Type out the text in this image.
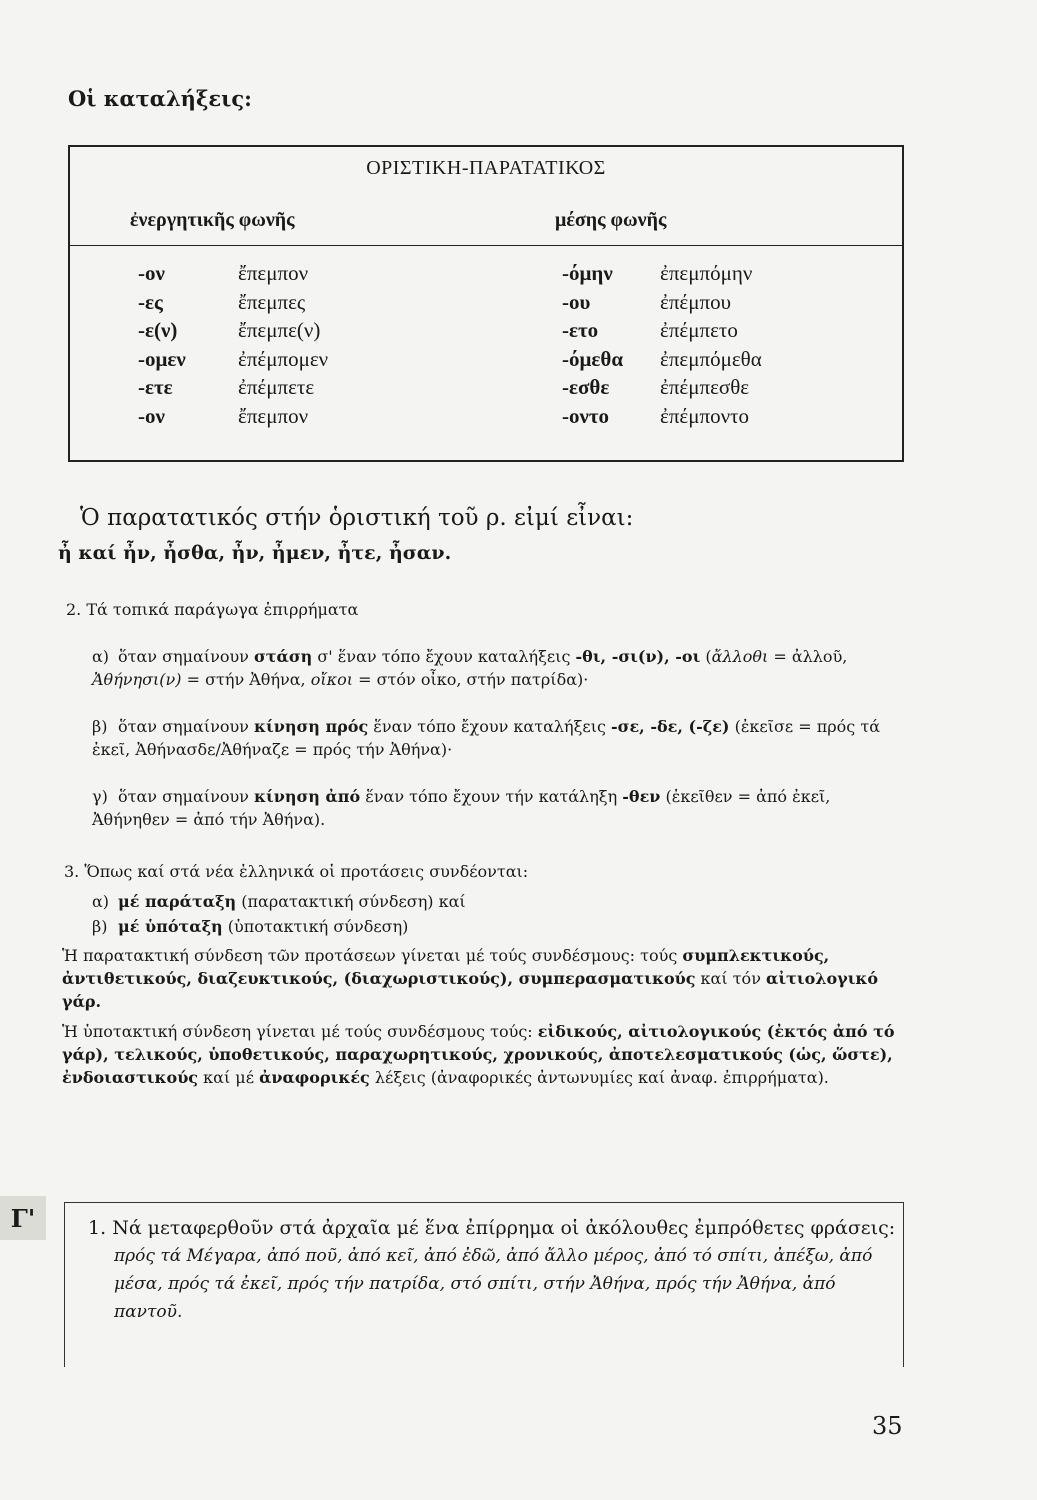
Οἱ καταλήξεις:
ΟΡΙΣΤΙΚΗ-ΠΑΡΑΤΑΤΙΚΟΣ
ἐνεργητικῆς φωνῆς	μέσης φωνῆς
-ον
-ες
-ε(ν)
-ομεν
-ετε
-ον
ἔπεμπον
ἔπεμπες
ἔπεμπε(ν)
ἐπέμπομεν
ἐπέμπετε
ἔπεμπον
-όμην
-ου
-ετο
-όμεθα
-εσθε
-οντο
ἐπεμπόμην
ἐπέμπου
ἐπέμπετο
ἐπεμπόμεθα
ἐπέμπεσθε
ἐπέμποντο
Ὁ παρατατικός στήν ὁριστική τοῦ ρ. εἰμί εἶναι:
ἦ καί ἦν, ἦσθα, ἦν, ἦμεν, ἦτε, ἦσαν.
2. Τά τοπικά παράγωγα ἐπιρρήματα
α) ὅταν σημαίνουν στάση σ' ἕναν τόπο ἔχουν καταλήξεις -θι, -σι(ν), -οι (ἄλλοθι = ἀλλοῦ, Ἀθήνησι(ν) = στήν Ἀθήνα, οἴκοι = στόν οἶκο, στήν πατρίδα)·
β) ὅταν σημαίνουν κίνηση πρός ἕναν τόπο ἔχουν καταλήξεις -σε, -δε, (-ζε) (ἐκεῖσε = πρός τά ἐκεῖ, Ἀθήνασδε/Ἀθήναζε = πρός τήν Ἀθήνα)·
γ) ὅταν σημαίνουν κίνηση ἀπό ἕναν τόπο ἔχουν τήν κατάληξη -θεν (ἐκεῖθεν = ἀπό ἐκεῖ, Ἀθήνηθεν = ἀπό τήν Ἀθήνα).
3. Ὅπως καί στά νέα ἑλληνικά οἱ προτάσεις συνδέονται:
α) μέ παράταξη (παρατακτική σύνδεση) καί
β) μέ ὑπόταξη (ὑποτακτική σύνδεση)
Ἡ παρατακτική σύνδεση τῶν προτάσεων γίνεται μέ τούς συνδέσμους: τούς συμπλεκτικούς, ἀντιθετικούς, διαζευκτικούς, (διαχωριστικούς), συμπερασματικούς καί τόν αἰτιολογικό γάρ.
Ἡ ὑποτακτική σύνδεση γίνεται μέ τούς συνδέσμους τούς: εἰδικούς, αἰτιολογικούς (ἐκτός ἀπό τό γάρ), τελικούς, ὑποθετικούς, παραχωρητικούς, χρονικούς, ἀποτελεσματικούς (ὡς, ὥστε), ἐνδοιαστικούς καί μέ ἀναφορικές λέξεις (ἀναφορικές ἀντωνυμίες καί ἀναφ. ἐπιρρήματα).
Γ'	1. Νά μεταφερθοῦν στά ἀρχαῖα μέ ἕνα ἐπίρρημα οἱ ἀκόλουθες ἐμπρόθετες φράσεις:
πρός τά Μέγαρα, ἀπό ποῦ, ἀπό κεῖ, ἀπό ἐδῶ, ἀπό ἄλλο μέρος, ἀπό τό σπίτι, ἀπέξω, ἀπό μέσα, πρός τά ἐκεῖ, πρός τήν πατρίδα, στό σπίτι, στήν Ἀθήνα, πρός τήν Ἀθήνα, ἀπό παντοῦ.
35
